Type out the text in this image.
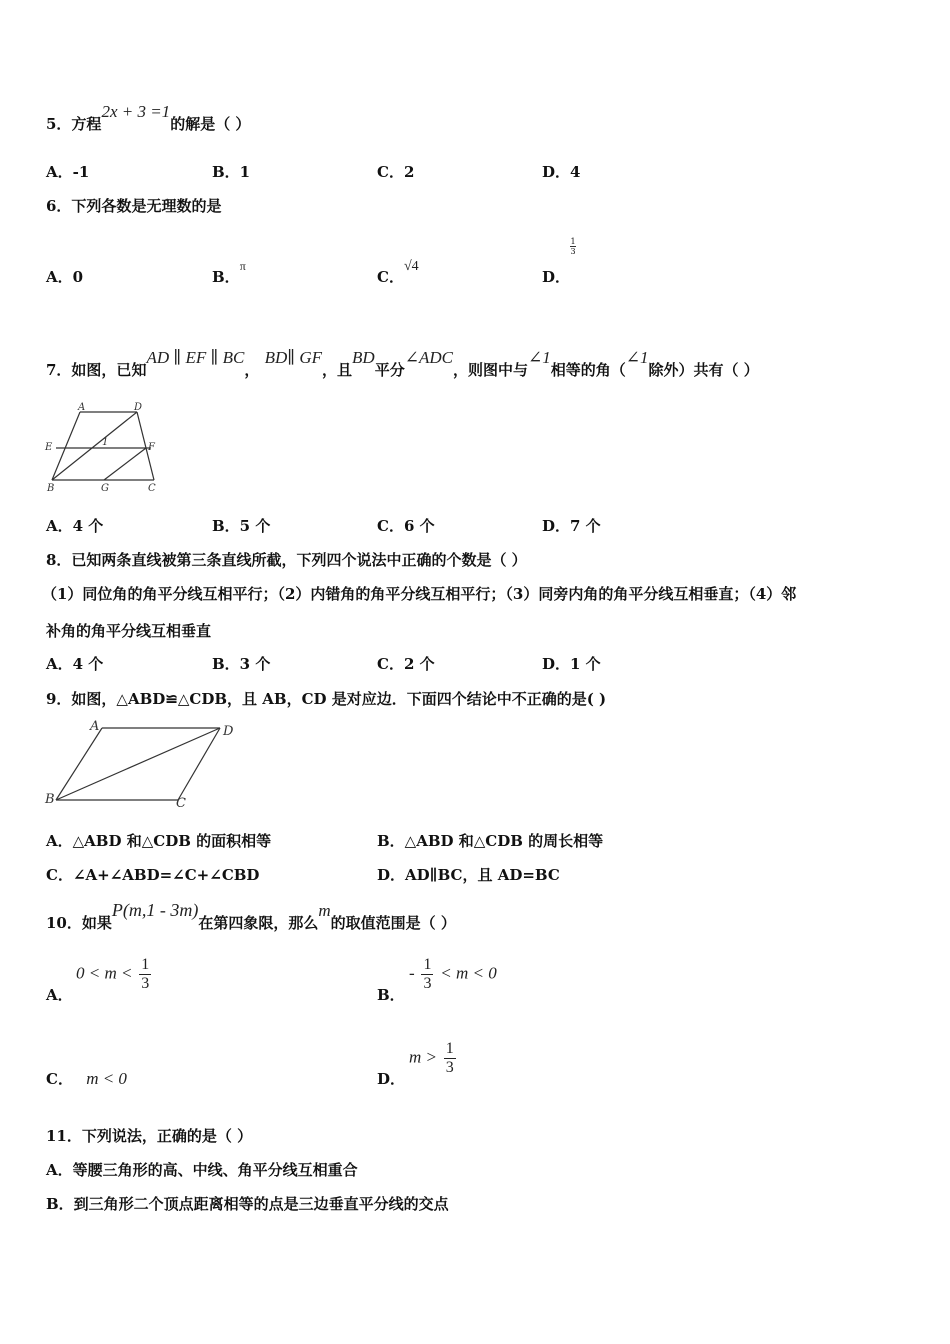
5．方程2x + 3 =1的解是（ ）
A．-1	B．1	C．2	D．4
6．下列各数是无理数的是
A．0	B．$^\pi$
C．√4
D．
1
3
7．如图，已知AD ∥ EF ∥ BC， BD∥ GF，且BD平分∠ADC，则图中与∠1相等的角（∠1除外）共有（ ）
A	D
E	1	F
B	G	C
A．4 个	B．5 个	C．6 个	D．7 个
8．已知两条直线被第三条直线所截，下列四个说法中正确的个数是（ ）
（1）同位角的角平分线互相平行；（2）内错角的角平分线互相平行；（3）同旁内角的角平分线互相垂直；（4）邻
补角的角平分线互相垂直
A．4 个	B．3 个	C．2 个	D．1 个
9．如图，△ABD≌△CDB，且 AB，CD 是对应边．下面四个结论中不正确的是( )
A	D
B	C
A．△ABD 和△CDB 的面积相等	B．△ABD 和△CDB 的周长相等
C．∠A+∠ABD=∠C+∠CBD	D．AD∥BC，且 AD=BC
10．如果P(m,1 - 3m)在第四象限，那么m的取值范围是（ ）
A．
$0 < m < \frac{1}{3}$
B．
- $\frac{1}{3} < m < 0$
C． m < 0	D．
$m > \frac{1}{3}$
11．下列说法，正确的是（ ）
A．等腰三角形的高、中线、角平分线互相重合
B．到三角形二个顶点距离相等的点是三边垂直平分线的交点
